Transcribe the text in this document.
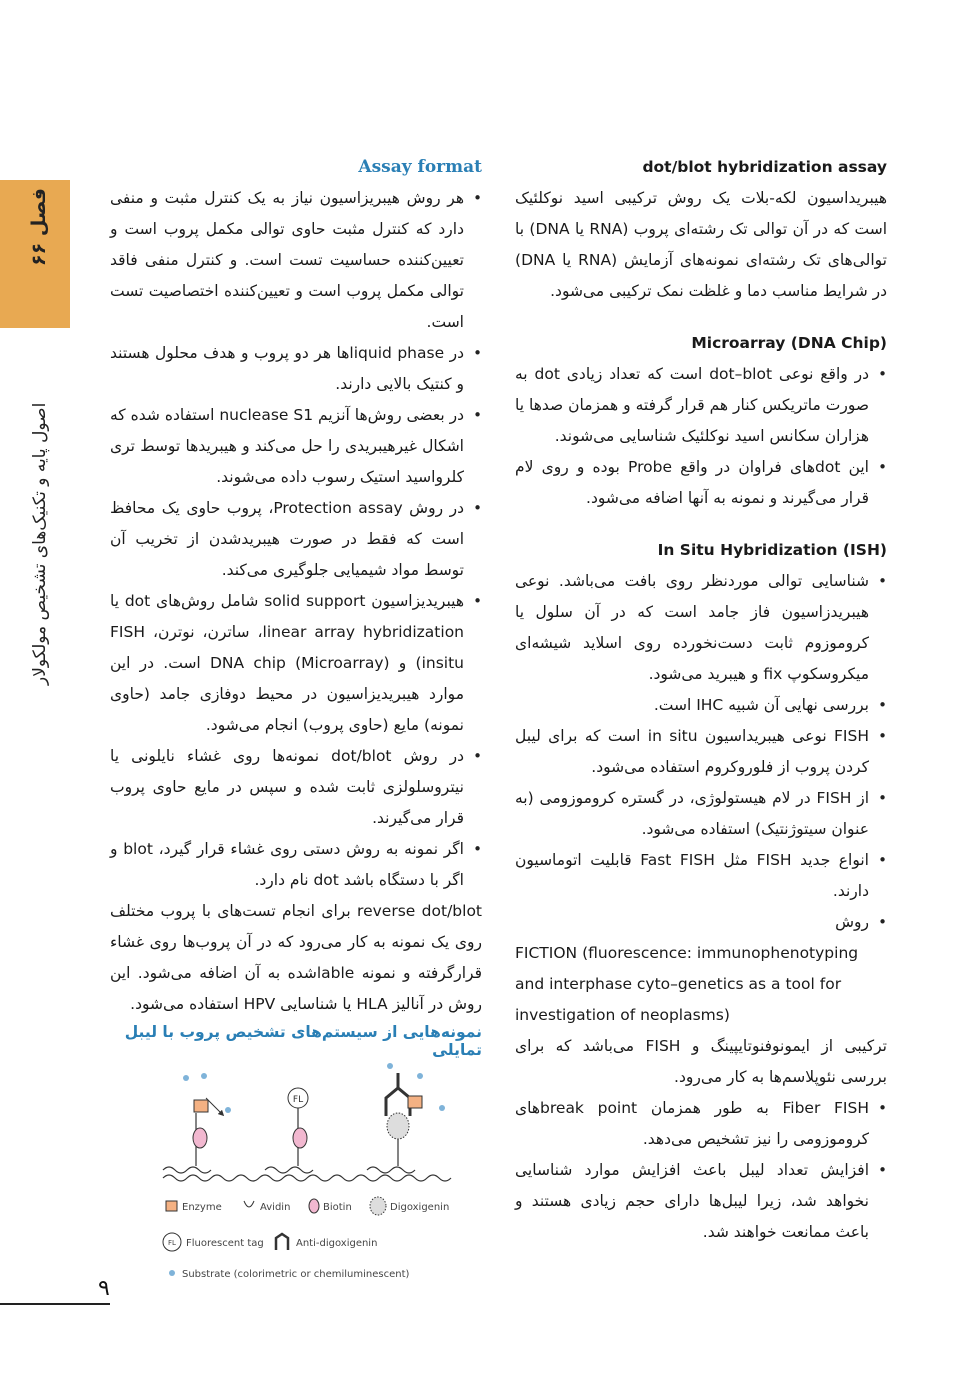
فصل ۶۶
اصول پایه و تکنیک‌های تشخیص مولکولار

dot/blot hybridization assay

هیبریداسیون لکه-بلات یک روش ترکیبی اسید نوکلئیک است که در آن توالی تک رشته‌ای پروب (RNA یا DNA) با توالی‌های تک رشته‌ای نمونه‌های آزمایش (RNA یا DNA) در شرایط مناسب دما و غلظت نمک ترکیبی می‌شود.

Microarray (DNA Chip)

• در واقع نوعی dot–blot است که تعداد زیادی dot به صورت ماتریکس کنار هم قرار گرفته و همزمان صدها یا هزاران سکانس اسید نوکلئیک شناسایی می‌شوند.
• این dotهای فراوان در واقع Probe بوده و روی لام قرار می‌گیرند و نمونه به آنها اضافه می‌شود.

In Situ Hybridization (ISH)

• شناسایی توالی موردنظر روی بافت می‌باشد. نوعی هیبریدزاسیون فاز جامد است که در آن سلول یا کروموزوم ثابت دست‌نخورده روی اسلاید شیشه‌ای میکروسکوپ fix و هیبرید می‌شود.
• بررسی نهایی آن شبیه IHC است.
• FISH نوعی هیبریداسیون in situ است که برای لیبل کردن پروب از فلوروکروم استفاده می‌شود.
• از FISH در لام هیستولوژی، در گستره کروموزومی (به عنوان سیتوژنتیک) استفاده می‌شود.
• انواع جدید FISH مثل Fast FISH قابلیت اتوماسیون دارند.
• روش
FICTION (fluorescence: immunophenotyping and interphase cyto–genetics as a tool for investigation of neoplasms)

ترکیبی از ایمونوفنوتایپینگ و FISH می‌باشد که برای بررسی نئوپلاسم‌ها به کار می‌رود.

• Fiber FISH به طور همزمان break pointهای کروموزومی را نیز تشخیص می‌دهد.
• افزایش تعداد لیبل باعث افزایش موارد شناسایی نخواهد شد، زیرا لیبل‌ها دارای حجم زیادی هستند و باعث ممانعت خواهند شد.

Assay format

• هر روش هیبریزاسیون نیاز به یک کنترل مثبت و منفی دارد که کنترل مثبت حاوی توالی مکمل پروب است و تعیین‌کننده حساسیت تست است. و کنترل منفی فاقد توالی مکمل پروب است و تعیین‌کننده اختصاصیت تست است.
• در liquid phaseها هر دو پروب و هدف محلول هستند و کنتیک بالایی دارند.
• در بعضی روش‌ها آنزیم nuclease S1 استفاده شده که اشکال غیرهیبریدی را حل می‌کند و هیبریدها توسط تری کلرواسید استیک رسوب داده می‌شوند.
• در روش Protection assay، پروب حاوی یک محافظ است که فقط در صورت هیبریدشدن از تخریب آن توسط مواد شیمیایی جلوگیری می‌کند.
• هیبریدیزاسیون solid support شامل روش‌های dot یا linear array hybridization، ساترن، نوترن، FISH insitu) و DNA chip (Microarray) است. در این موارد هیبریدیزاسیون در محیط دوفازی جامد (حاوی نمونه) مایع (حاوی پروب) انجام می‌شود.
• در روش dot/blot نمونه‌ها روی غشاء نایلونی یا نیتروسلولزی ثابت شده و سپس در مایع حاوی پروب قرار می‌گیرند.
• اگر نمونه به روش دستی روی غشاء قرار گیرد، blot و اگر با دستگاه باشد dot نام دارد.

reverse dot/blot برای انجام تست‌های با پروب مختلف روی یک نمونه به کار می‌رود که در آن پروب‌ها روی غشاء قرارگرفته و نمونه lable‌شده به آن اضافه می‌شود. این روش در آنالیز HLA یا شناسایی HPV استفاده می‌شود.

نمونه‌هایی از سیستم‌های تشخیص پروب با لیبل تمایلی
FL
Enzyme	Avidin	Biotin	Digoxigenin
FL Fluorescent tag	Anti-digoxigenin
Substrate (colorimetric or chemiluminescent)
۹
